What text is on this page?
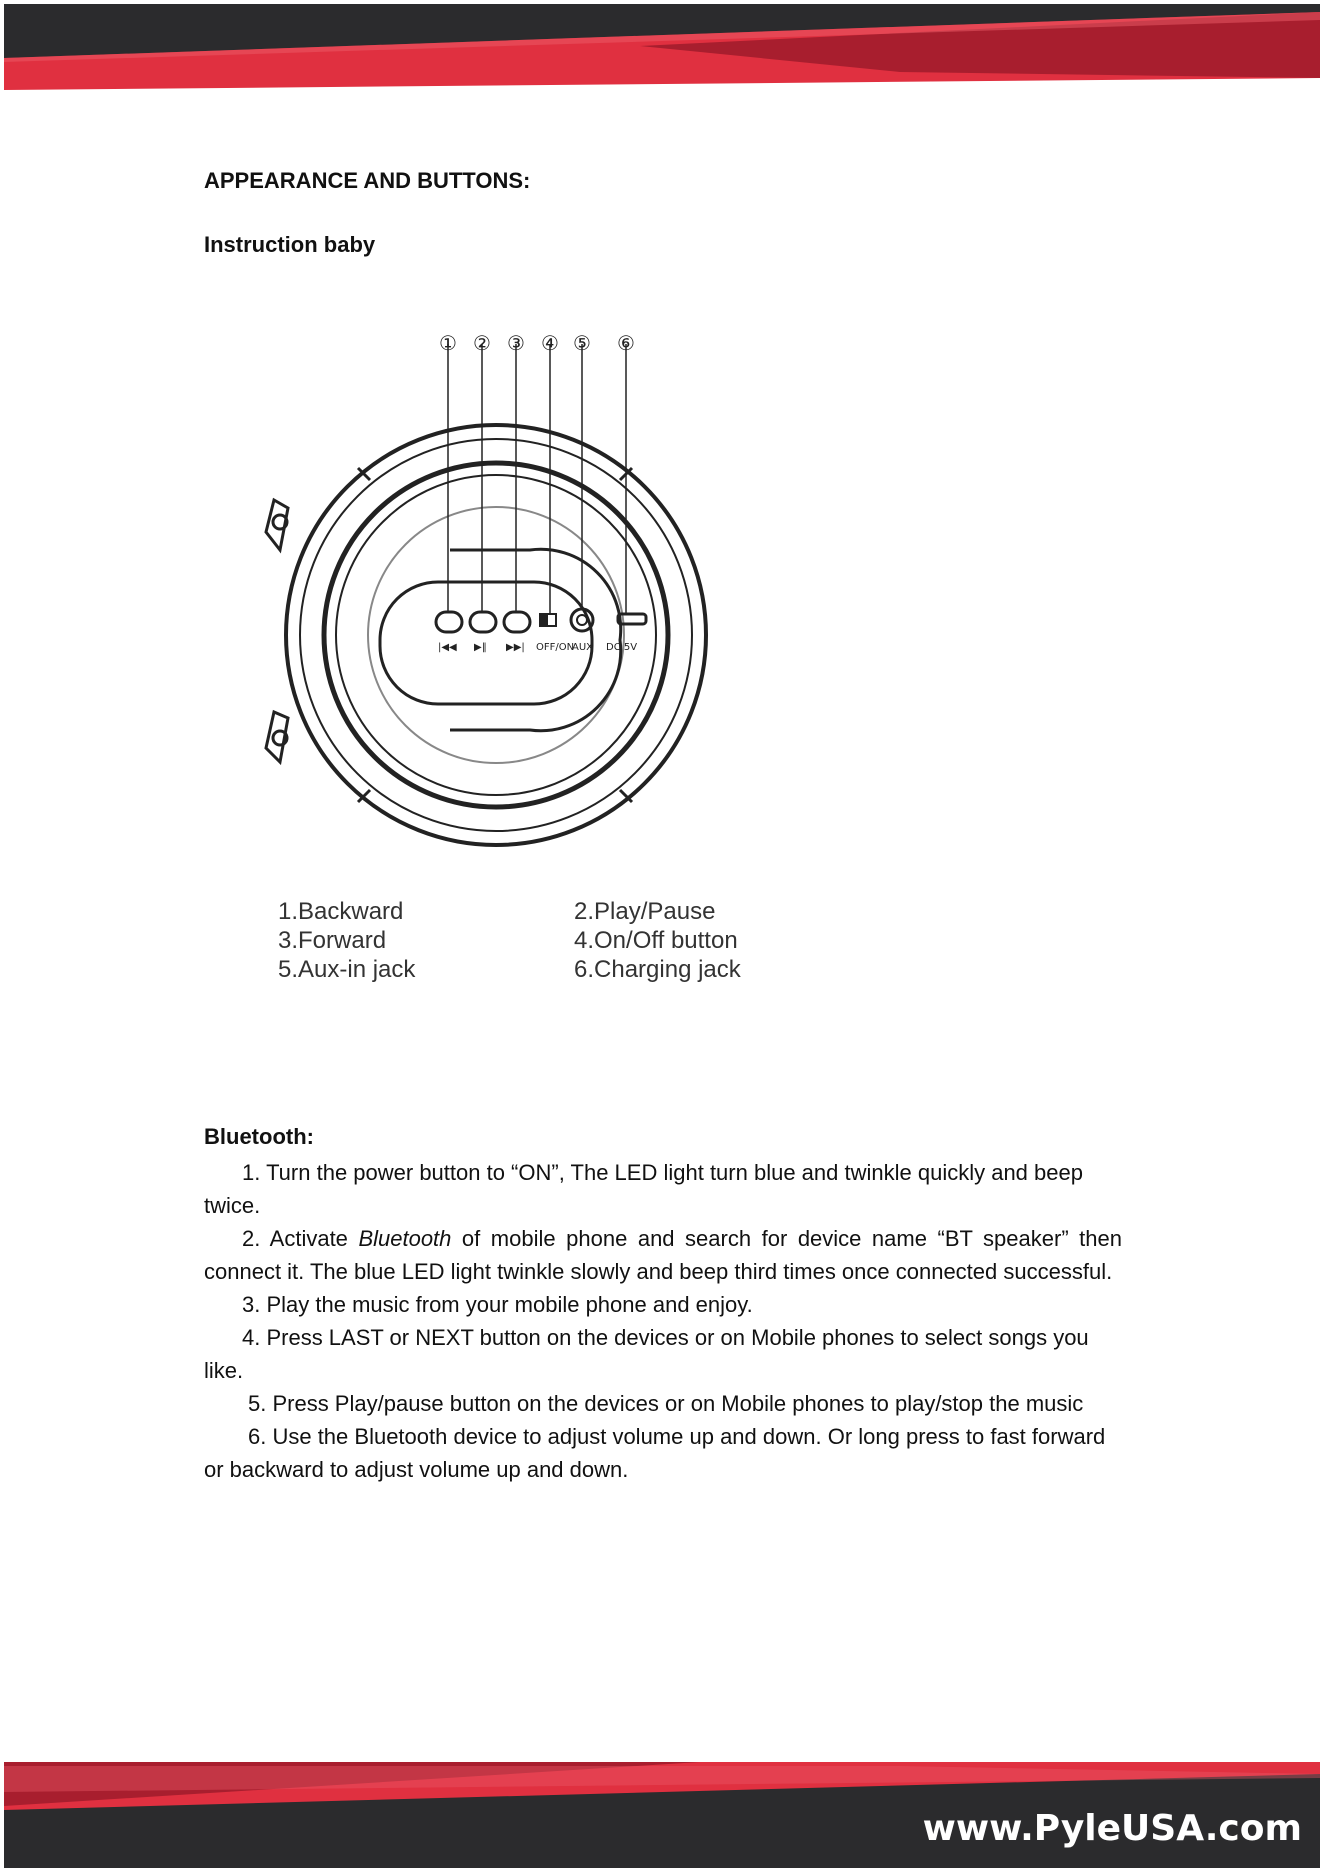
APPEARANCE AND BUTTONS:
Instruction baby
|◀◀ ▶‖ ▶▶| OFF/ON
AUX DC 5V
① ② ③ ④ ⑤ ⑥
1.Backward
3.Forward
5.Aux-in jack
2.Play/Pause
4.On/Off button
6.Charging jack
Bluetooth:

1. Turn the power button to “ON”, The LED light turn blue and twinkle quickly and beep twice.

2. Activate Bluetooth of mobile phone and search for device name “BT speaker” then connect it. The blue LED light twinkle slowly and beep third times once connected successful.

3. Play the music from your mobile phone and enjoy.

4. Press LAST or NEXT button on the devices or on Mobile phones to select songs you like.

5. Press Play/pause button on the devices or on Mobile phones to play/stop the music

6. Use the Bluetooth device to adjust volume up and down. Or long press to fast forward or backward to adjust volume up and down.

www.PyleUSA.com
